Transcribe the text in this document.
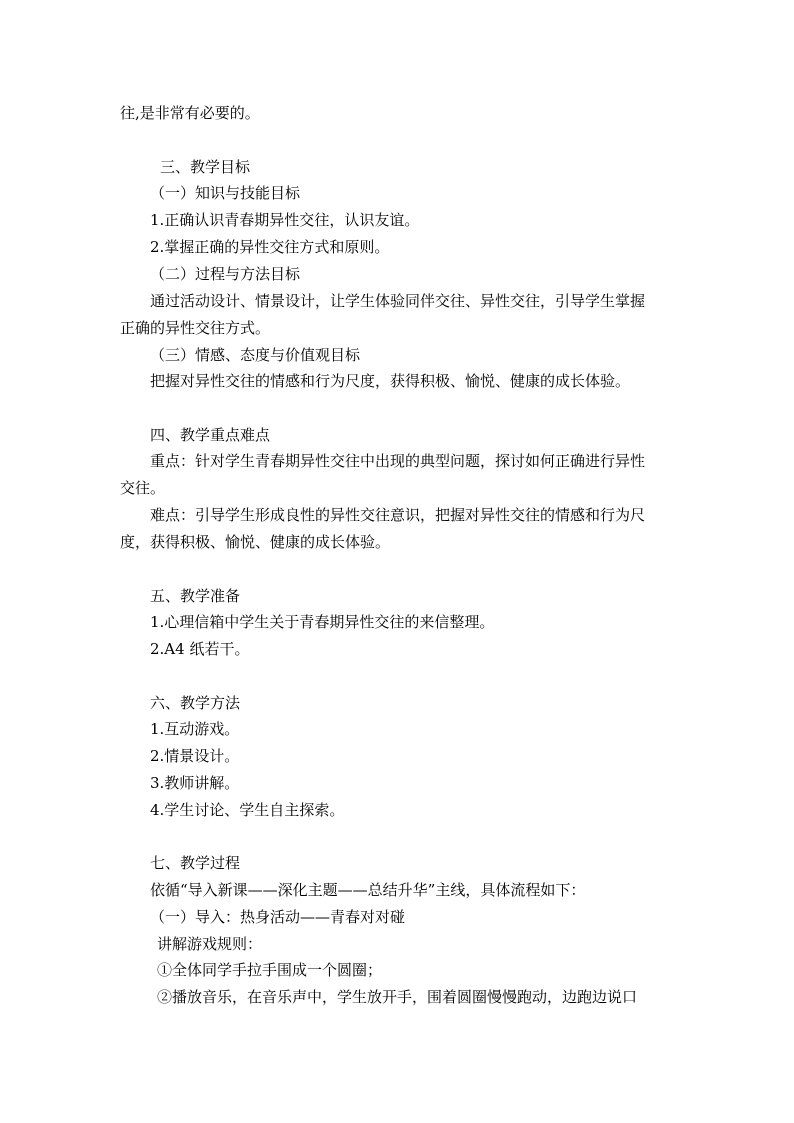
往,是非常有必要的。
三、教学目标
（一）知识与技能目标
1.正确认识青春期异性交往，认识友谊。
2.掌握正确的异性交往方式和原则。
（二）过程与方法目标
通过活动设计、情景设计，让学生体验同伴交往、异性交往，引导学生掌握
正确的异性交往方式。
（三）情感、态度与价值观目标
把握对异性交往的情感和行为尺度，获得积极、愉悦、健康的成长体验。
四、教学重点难点
重点：针对学生青春期异性交往中出现的典型问题，探讨如何正确进行异性
交往。
难点：引导学生形成良性的异性交往意识，把握对异性交往的情感和行为尺
度，获得积极、愉悦、健康的成长体验。
五、教学准备
1.心理信箱中学生关于青春期异性交往的来信整理。
2.A4 纸若干。
六、教学方法
1.互动游戏。
2.情景设计。
3.教师讲解。
4.学生讨论、学生自主探索。
七、教学过程
依循“导入新课——深化主题——总结升华”主线，具体流程如下：
（一）导入：热身活动——青春对对碰
讲解游戏规则：
①全体同学手拉手围成一个圆圈；
②播放音乐，在音乐声中，学生放开手，围着圆圈慢慢跑动，边跑边说口
